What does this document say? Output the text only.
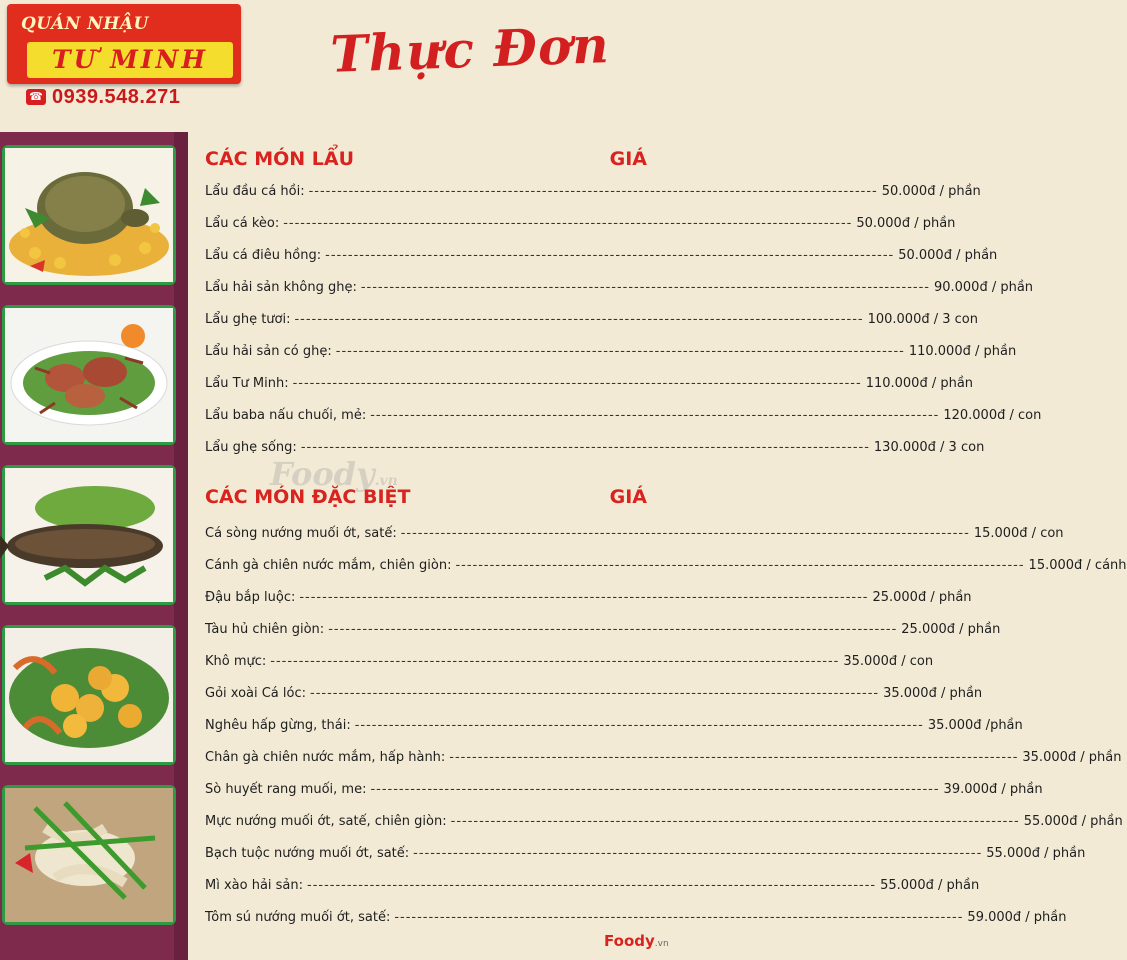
QUÁN NHẬU
TƯ MINH
☎ 0939.548.271
Thực Đơn
CÁC MÓN LẨU	GIÁ
Lẩu đầu cá hồi: -----	50.000đ / phần
Lẩu cá kèo: -----	50.000đ / phần
Lẩu cá điêu hồng: -----	50.000đ / phần
Lẩu hải sản không ghẹ: -----	90.000đ / phần
Lẩu ghẹ tươi: -----	100.000đ / 3 con
Lẩu hải sản có ghẹ: -----	110.000đ / phần
Lẩu Tư Minh: -----	110.000đ / phần
Lẩu baba nấu chuối, mẻ: -----	120.000đ / con
Lẩu ghẹ sống: -----	130.000đ / 3 con
Foody.vn
CÁC MÓN ĐẶC BIỆT	GIÁ
Cá sòng nướng muối ớt, satế: -----	15.000đ / con
Cánh gà chiên nước mắm, chiên giòn: -----	15.000đ / cánh
Đậu bắp luộc: -----	25.000đ / phần
Tàu hủ chiên giòn: -----	25.000đ / phần
Khô mực: -----	35.000đ / con
Gỏi xoài Cá lóc: -----	35.000đ / phần
Nghêu hấp gừng, thái: -----	35.000đ /phần
Chân gà chiên nước mắm, hấp hành: -----	35.000đ / phần
Sò huyết rang muối, me: -----	39.000đ / phần
Mực nướng muối ớt, satế, chiên giòn: -----	55.000đ / phần
Bạch tuộc nướng muối ớt, satế: -----	55.000đ / phần
Mì xào hải sản: -----	55.000đ / phần
Tôm sú nướng muối ớt, satế: -----	59.000đ / phần
Foody.vn
